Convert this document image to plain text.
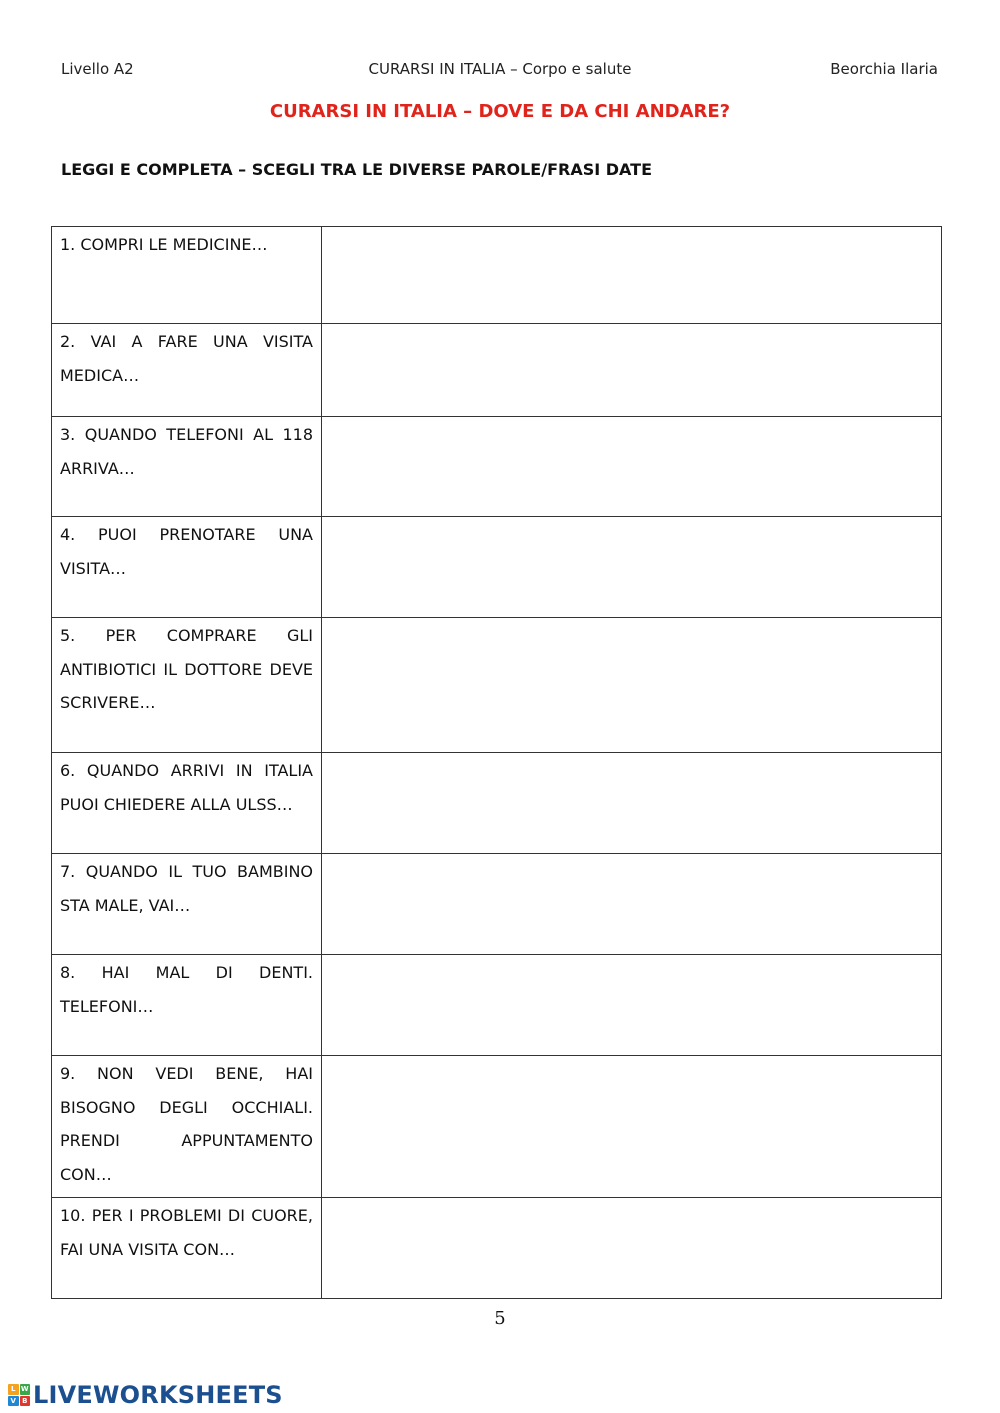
Livello A2	CURARSI IN ITALIA – Corpo e salute	Beorchia Ilaria
CURARSI IN ITALIA – DOVE E DA CHI ANDARE?
LEGGI E COMPLETA – SCEGLI TRA LE DIVERSE PAROLE/FRASI DATE
1. COMPRI LE MEDICINE…	
2. VAI A FARE UNA VISITA MEDICA…	
3. QUANDO TELEFONI AL 118 ARRIVA…	
4. PUOI PRENOTARE UNA VISITA…	
5. PER COMPRARE GLI ANTIBIOTICI IL DOTTORE DEVE SCRIVERE…	
6. QUANDO ARRIVI IN ITALIA PUOI CHIEDERE ALLA ULSS…	
7. QUANDO IL TUO BAMBINO STA MALE, VAI…	
8. HAI MAL DI DENTI. TELEFONI…	
9. NON VEDI BENE, HAI BISOGNO DEGLI OCCHIALI. PRENDI APPUNTAMENTO CON…	
10. PER I PROBLEMI DI CUORE, FAI UNA VISITA CON…	
5
L W
V B LIVEWORKSHEETS
